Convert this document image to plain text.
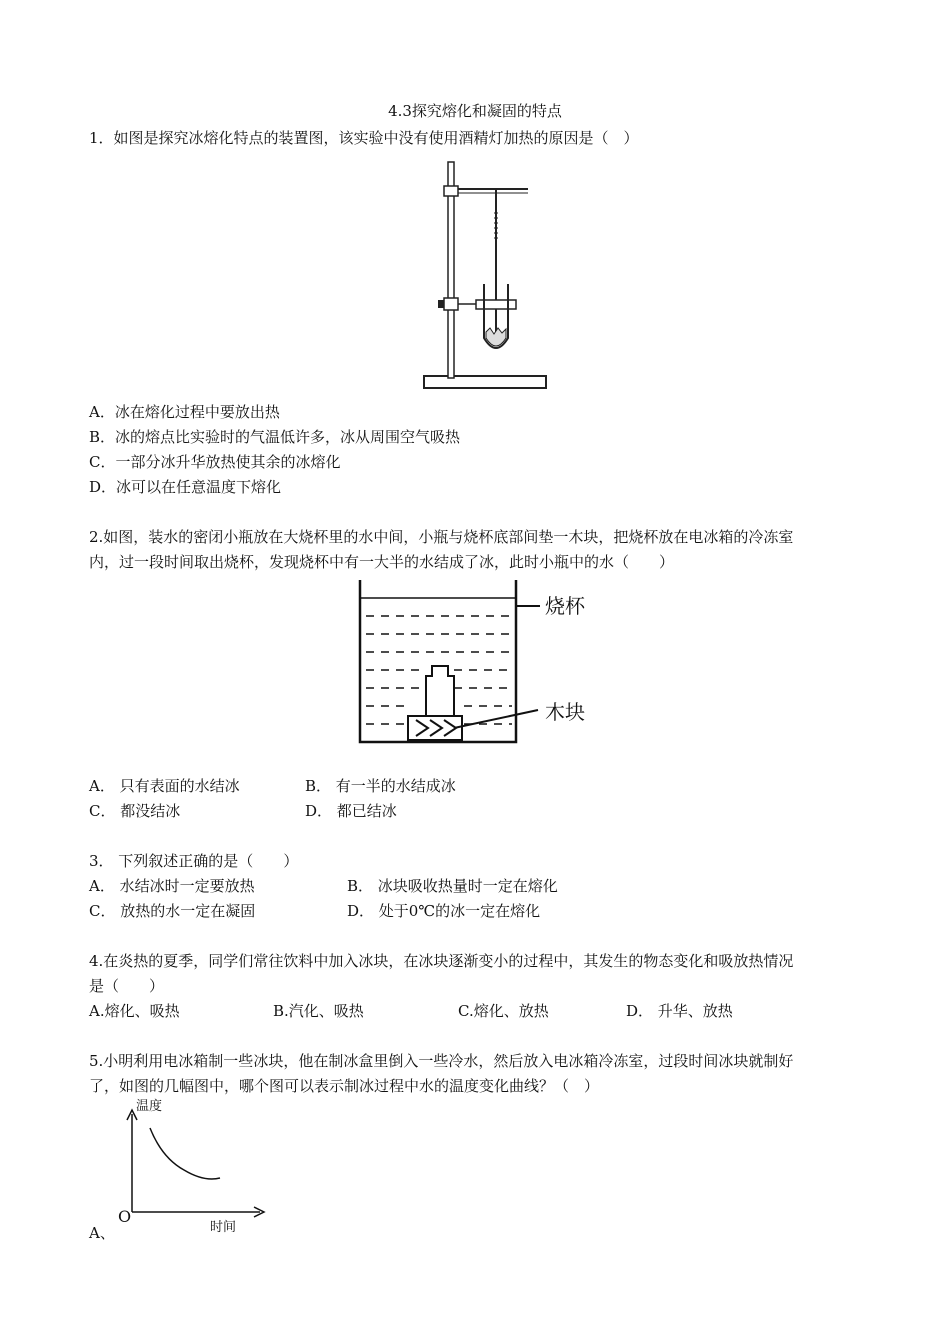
4.3探究熔化和凝固的特点
1．如图是探究冰熔化特点的装置图，该实验中没有使用酒精灯加热的原因是（　）
A．冰在熔化过程中要放出热
B．冰的熔点比实验时的气温低许多，冰从周围空气吸热
C．一部分冰升华放热使其余的冰熔化
D．冰可以在任意温度下熔化
2.如图，装水的密闭小瓶放在大烧杯里的水中间，小瓶与烧杯底部间垫一木块，把烧杯放在电冰箱的冷冻室
内，过一段时间取出烧杯，发现烧杯中有一大半的水结成了冰，此时小瓶中的水（　　）
烧杯
木块
A． 只有表面的水结冰	B． 有一半的水结成冰
C． 都没结冰	D． 都已结冰
3． 下列叙述正确的是（　　）
A． 水结冰时一定要放热	B． 冰块吸收热量时一定在熔化
C． 放热的水一定在凝固	D． 处于0℃的冰一定在熔化
4.在炎热的夏季，同学们常往饮料中加入冰块，在冰块逐渐变小的过程中，其发生的物态变化和吸放热情况
是（　　）
A.熔化、吸热	B.汽化、吸热	C.熔化、放热	D． 升华、放热
5.小明利用电冰箱制一些冰块，他在制冰盒里倒入一些冷水，然后放入电冰箱冷冻室，过段时间冰块就制好
了，如图的几幅图中，哪个图可以表示制冰过程中水的温度变化曲线？（　）
温度
O
时间
A、
